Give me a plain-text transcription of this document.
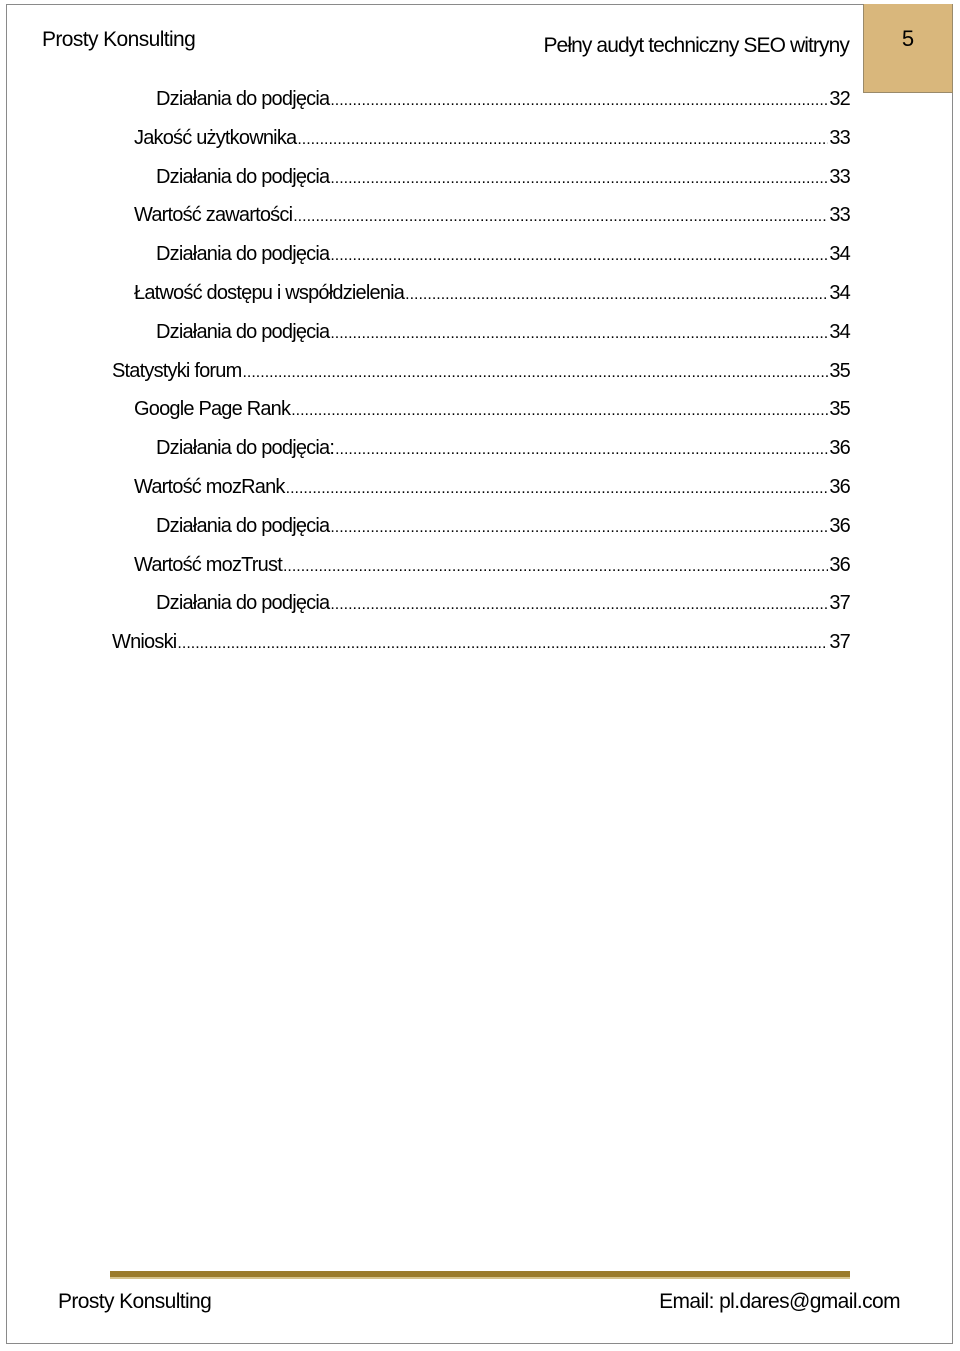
Prosty Konsulting	Pełny audyt techniczny SEO witryny 5
Działania do podjęcia .....	32
Jakość użytkownika .....	33
Działania do podjęcia .....	33
Wartość zawartości .....	33
Działania do podjęcia .....	34
Łatwość dostępu i współdzielenia .....	34
Działania do podjęcia .....	34
Statystyki forum .....	35
Google Page Rank .....	35
Działania do podjęcia: .....	36
Wartość mozRank .....	36
Działania do podjęcia .....	36
Wartość mozTrust .....	36
Działania do podjęcia .....	37
Wnioski .....	37
Prosty Konsulting	Email: pl.dares@gmail.com
